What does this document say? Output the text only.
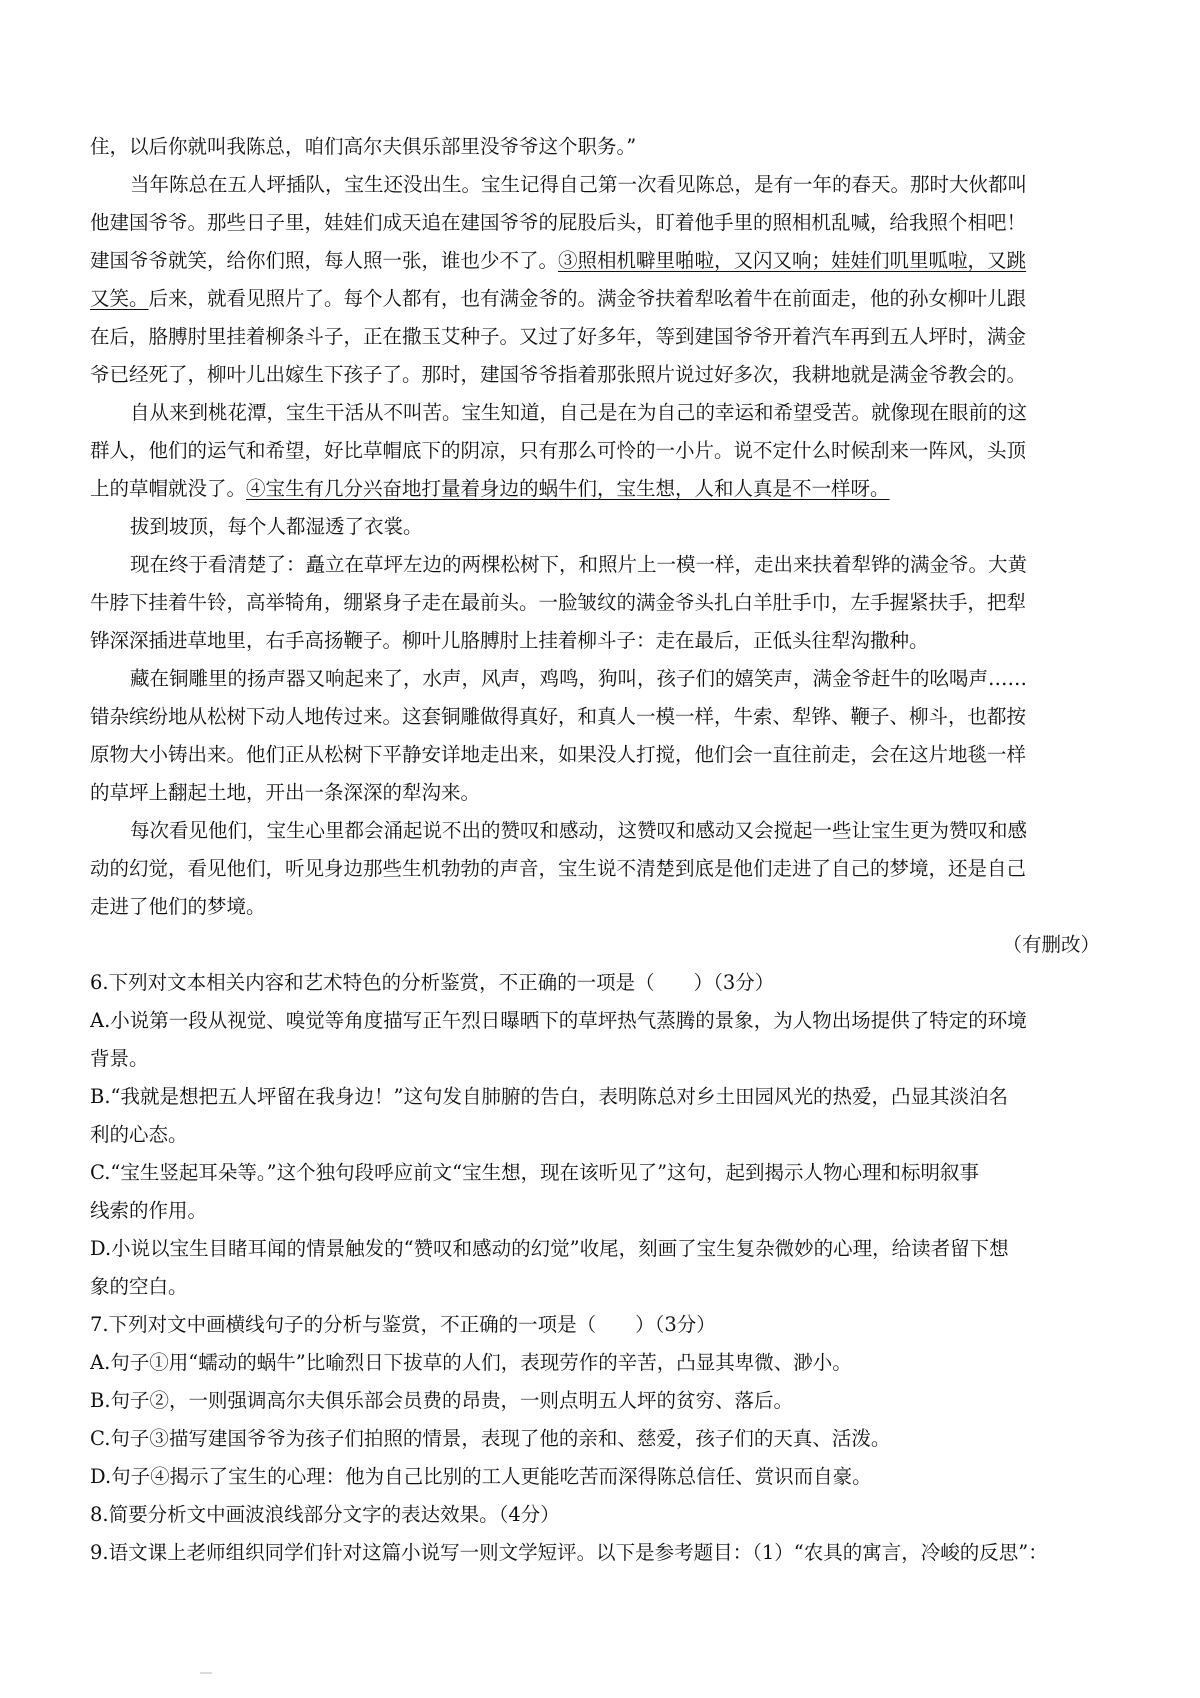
住，以后你就叫我陈总，咱们高尔夫俱乐部里没爷爷这个职务。”
当年陈总在五人坪插队，宝生还没出生。宝生记得自己第一次看见陈总，是有一年的春天。那时大伙都叫
他建国爷爷。那些日子里，娃娃们成天追在建国爷爷的屁股后头，盯着他手里的照相机乱喊，给我照个相吧！
建国爷爷就笑，给你们照，每人照一张，谁也少不了。③照相机噼里啪啦，又闪又响；娃娃们叽里呱啦，又跳
又笑。后来，就看见照片了。每个人都有，也有满金爷的。满金爷扶着犁吆着牛在前面走，他的孙女柳叶儿跟
在后，胳膊肘里挂着柳条斗子，正在撒玉艾种子。又过了好多年，等到建国爷爷开着汽车再到五人坪时，满金
爷已经死了，柳叶儿出嫁生下孩子了。那时，建国爷爷指着那张照片说过好多次，我耕地就是满金爷教会的。
自从来到桃花潭，宝生干活从不叫苦。宝生知道，自己是在为自己的幸运和希望受苦。就像现在眼前的这
群人，他们的运气和希望，好比草帽底下的阴凉，只有那么可怜的一小片。说不定什么时候刮来一阵风，头顶
上的草帽就没了。④宝生有几分兴奋地打量着身边的蜗牛们，宝生想，人和人真是不一样呀。
拔到坡顶，每个人都湿透了衣裳。
现在终于看清楚了：矗立在草坪左边的两棵松树下，和照片上一模一样，走出来扶着犁铧的满金爷。大黄
牛脖下挂着牛铃，高举犄角，绷紧身子走在最前头。一脸皱纹的满金爷头扎白羊肚手巾，左手握紧扶手，把犁
铧深深插进草地里，右手高扬鞭子。柳叶儿胳膊肘上挂着柳斗子：走在最后，正低头往犁沟撒种。
藏在铜雕里的扬声器又响起来了，水声，风声，鸡鸣，狗叫，孩子们的嬉笑声，满金爷赶牛的吆喝声……
错杂缤纷地从松树下动人地传过来。这套铜雕做得真好，和真人一模一样，牛索、犁铧、鞭子、柳斗，也都按
原物大小铸出来。他们正从松树下平静安详地走出来，如果没人打搅，他们会一直往前走，会在这片地毯一样
的草坪上翻起土地，开出一条深深的犁沟来。
每次看见他们，宝生心里都会涌起说不出的赞叹和感动，这赞叹和感动又会搅起一些让宝生更为赞叹和感
动的幻觉，看见他们，听见身边那些生机勃勃的声音，宝生说不清楚到底是他们走进了自己的梦境，还是自己
走进了他们的梦境。
（有删改）
6.下列对文本相关内容和艺术特色的分析鉴赏，不正确的一项是（　　）（3分）
A.小说第一段从视觉、嗅觉等角度描写正午烈日曝晒下的草坪热气蒸腾的景象，为人物出场提供了特定的环境
背景。
B.“我就是想把五人坪留在我身边！”这句发自肺腑的告白，表明陈总对乡土田园风光的热爱，凸显其淡泊名
利的心态。
C.“宝生竖起耳朵等。”这个独句段呼应前文“宝生想，现在该听见了”这句，起到揭示人物心理和标明叙事
线索的作用。
D.小说以宝生目睹耳闻的情景触发的“赞叹和感动的幻觉”收尾，刻画了宝生复杂微妙的心理，给读者留下想
象的空白。
7.下列对文中画横线句子的分析与鉴赏，不正确的一项是（　　）（3分）
A.句子①用“蠕动的蜗牛”比喻烈日下拔草的人们，表现劳作的辛苦，凸显其卑微、渺小。
B.句子②，一则强调高尔夫俱乐部会员费的昂贵，一则点明五人坪的贫穷、落后。
C.句子③描写建国爷爷为孩子们拍照的情景，表现了他的亲和、慈爱，孩子们的天真、活泼。
D.句子④揭示了宝生的心理：他为自己比别的工人更能吃苦而深得陈总信任、赏识而自豪。
8.简要分析文中画波浪线部分文字的表达效果。（4分）
9.语文课上老师组织同学们针对这篇小说写一则文学短评。以下是参考题目：（1）“农具的寓言，冷峻的反思”：
